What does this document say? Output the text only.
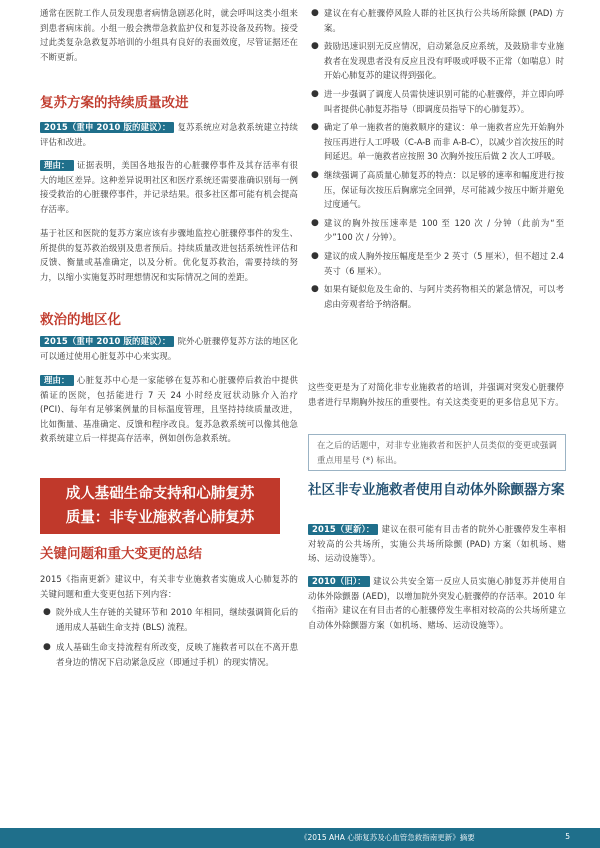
通常在医院工作人员发现患者病情急剧恶化时，就会呼叫这类小组来到患者病床前。小组一般会携带急救监护仪和复苏设备及药物。接受过此类复杂急救复苏培训的小组具有良好的表面效度，尽管证据还在不断更新。

复苏方案的持续质量改进

2015（重申 2010 版的建议）： 复苏系统应对急救系统建立持续评估和改进。

理由： 证据表明，美国各地报告的心脏骤停事件及其存活率有很大的地区差异。这种差异说明社区和医疗系统还需要准确识别每一例接受救治的心脏骤停事件，并记录结果。很多社区都可能有机会提高存活率。

基于社区和医院的复苏方案应该有步骤地监控心脏骤停事件的发生、所提供的复苏救治级别及患者预后。持续质量改进包括系统性评估和反馈、衡量或基准确定，以及分析。优化复苏救治，需要持续的努力，以缩小实施复苏时理想情况和实际情况之间的差距。

救治的地区化

2015（重申 2010 版的建议）： 院外心脏骤停复苏方法的地区化可以通过使用心脏复苏中心来实现。

理由： 心脏复苏中心是一家能够在复苏和心脏骤停后救治中提供循证的医院，包括能进行 7 天 24 小时经皮冠状动脉介入治疗 (PCI)、每年有足够案例量的目标温度管理，且坚持持续质量改进，比如衡量、基准确定、反馈和程序改良。复苏急救系统可以像其他急救系统建立后一样提高存活率，例如创伤急救系统。

成人基础生命支持和心肺复苏
质量：非专业施救者心肺复苏
关键问题和重大变更的总结

2015《指南更新》建议中，有关非专业施救者实施成人心肺复苏的关键问题和重大变更包括下列内容：

● 院外成人生存链的关键环节和 2010 年相同，继续强调简化后的通用成人基础生命支持 (BLS) 流程。
● 成人基础生命支持流程有所改变，反映了施救者可以在不离开患者身边的情况下启动紧急反应（即通过手机）的现实情况。
● 建议在有心脏骤停风险人群的社区执行公共场所除颤 (PAD) 方案。
● 鼓励迅速识别无反应情况，启动紧急反应系统，及鼓励非专业施救者在发现患者没有反应且没有呼吸或呼吸不正常（如喘息）时开始心肺复苏的建议得到强化。
● 进一步强调了调度人员需快速识别可能的心脏骤停，并立即向呼叫者提供心肺复苏指导（即调度员指导下的心肺复苏）。
● 确定了单一施救者的施救顺序的建议：单一施救者应先开始胸外按压再进行人工呼吸（C-A-B 而非 A-B-C），以减少首次按压的时间延迟。单一施救者应按照 30 次胸外按压后做 2 次人工呼吸。
● 继续强调了高质量心肺复苏的特点：以足够的速率和幅度进行按压，保证每次按压后胸廓完全回弹，尽可能减少按压中断并避免过度通气。
● 建议的胸外按压速率是 100 至 120 次 / 分钟（此前为“至少”100 次 / 分钟）。
● 建议的成人胸外按压幅度是至少 2 英寸（5 厘米），但不超过 2.4 英寸（6 厘米）。
● 如果有疑似危及生命的、与阿片类药物相关的紧急情况，可以考虑由旁观者给予纳洛酮。

这些变更是为了对简化非专业施救者的培训，并强调对突发心脏骤停患者进行早期胸外按压的重要性。有关这类变更的更多信息见下方。

在之后的话题中，对非专业施救者和医护人员类似的变更或强调重点用星号 (*) 标出。

社区非专业施救者使用自动体外除颤器方案

2015（更新）： 建议在很可能有目击者的院外心脏骤停发生率相对较高的公共场所，实施公共场所除颤 (PAD) 方案（如机场、赌场、运动设施等）。

2010（旧）： 建议公共安全第一反应人员实施心肺复苏并使用自动体外除颤器 (AED)，以增加院外突发心脏骤停的存活率。2010 年《指南》建议在有目击者的心脏骤停发生率相对较高的公共场所建立自动体外除颤器方案（如机场、赌场、运动设施等）。

《2015 AHA 心肺复苏及心血管急救指南更新》摘要	5
